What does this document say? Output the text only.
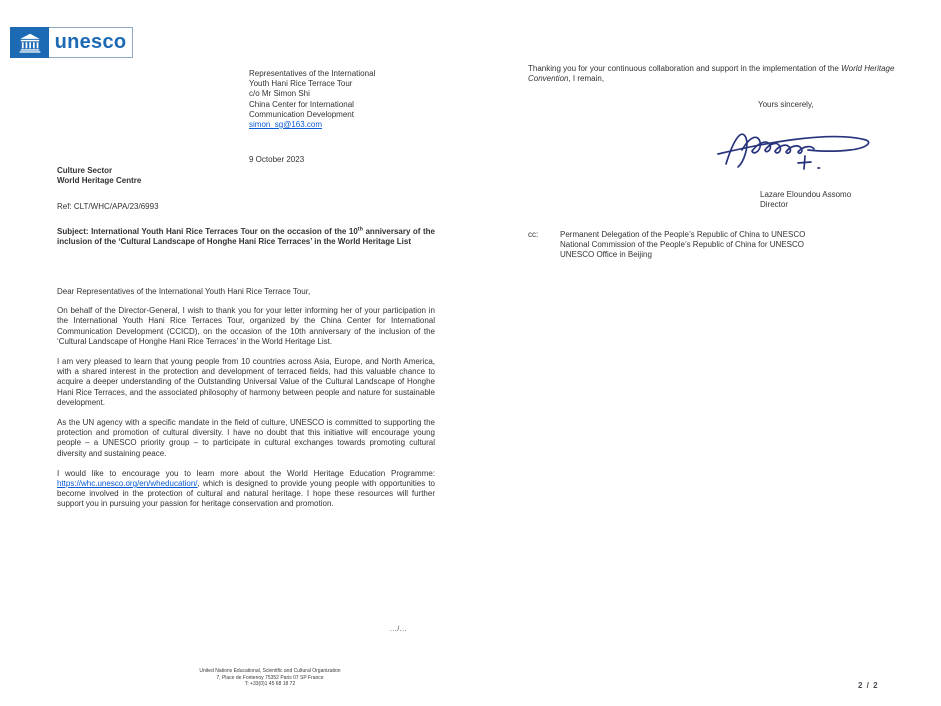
unesco
Representatives of the International
Youth Hani Rice Terrace Tour
c/o Mr Simon Shi
China Center for International
Communication Development
simon_sg@163.com
9 October 2023
Culture Sector
World Heritage Centre
Ref: CLT/WHC/APA/23/6993
Subject: International Youth Hani Rice Terraces Tour on the occasion of the 10th anniversary of the inclusion of the ‘Cultural Landscape of Honghe Hani Rice Terraces’ in the World Heritage List

Dear Representatives of the International Youth Hani Rice Terrace Tour,

On behalf of the Director-General, I wish to thank you for your letter informing her of your participation in the International Youth Hani Rice Terraces Tour, organized by the China Center for International Communication Development (CCICD), on the occasion of the 10th anniversary of the inclusion of the ‘Cultural Landscape of Honghe Hani Rice Terraces’ in the World Heritage List.

I am very pleased to learn that young people from 10 countries across Asia, Europe, and North America, with a shared interest in the protection and development of terraced fields, had this valuable chance to acquire a deeper understanding of the Outstanding Universal Value of the Cultural Landscape of Honghe Hani Rice Terraces, and the associated philosophy of harmony between people and nature for sustainable development.

As the UN agency with a specific mandate in the field of culture, UNESCO is committed to supporting the protection and promotion of cultural diversity. I have no doubt that this initiative will encourage young people – a UNESCO priority group – to participate in cultural exchanges towards promoting cultural diversity and sustaining peace.

I would like to encourage you to learn more about the World Heritage Education Programme: https://whc.unesco.org/en/wheducation/, which is designed to provide young people with opportunities to become involved in the protection of cultural and natural heritage. I hope these resources will further support you in pursuing your passion for heritage conservation and promotion.

.../...
United Nations Educational, Scientific and Cultural Organization
7, Place de Fontenoy 75352 Paris 07 SP France
T: +33(0)1 45 68 18 72
Thanking you for your continuous collaboration and support in the implementation of the World Heritage Convention, I remain,
Yours sincerely,
Lazare Eloundou Assomo
Director
cc:	Permanent Delegation of the People’s Republic of China to UNESCO
National Commission of the People’s Republic of China for UNESCO
UNESCO Office in Beijing
2 / 2
